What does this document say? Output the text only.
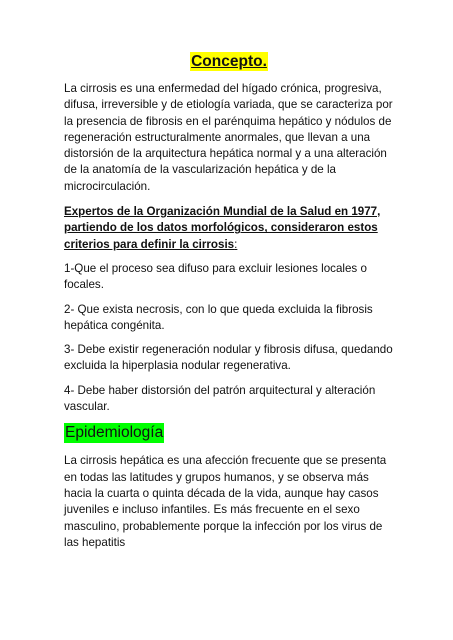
Concepto.

La cirrosis es una enfermedad del hígado crónica, progresiva, difusa, irreversible y de etiología variada, que se caracteriza por la presencia de fibrosis en el parénquima hepático y nódulos de regeneración estructuralmente anormales, que llevan a una distorsión de la arquitectura hepática normal y a una alteración de la anatomía de la vascularización hepática y de la microcirculación.

Expertos de la Organización Mundial de la Salud en 1977, partiendo de los datos morfológicos, consideraron estos criterios para definir la cirrosis:

1-Que el proceso sea difuso para excluir lesiones locales o focales.

2- Que exista necrosis, con lo que queda excluida la fibrosis hepática congénita.

3- Debe existir regeneración nodular y fibrosis difusa, quedando excluida la hiperplasia nodular regenerativa.

4- Debe haber distorsión del patrón arquitectural y alteración vascular.

Epidemiología

La cirrosis hepática es una afección frecuente que se presenta en todas las latitudes y grupos humanos, y se observa más hacia la cuarta o quinta década de la vida, aunque hay casos juveniles e incluso infantiles. Es más frecuente en el sexo masculino, probablemente porque la infección por los virus de las hepatitis
